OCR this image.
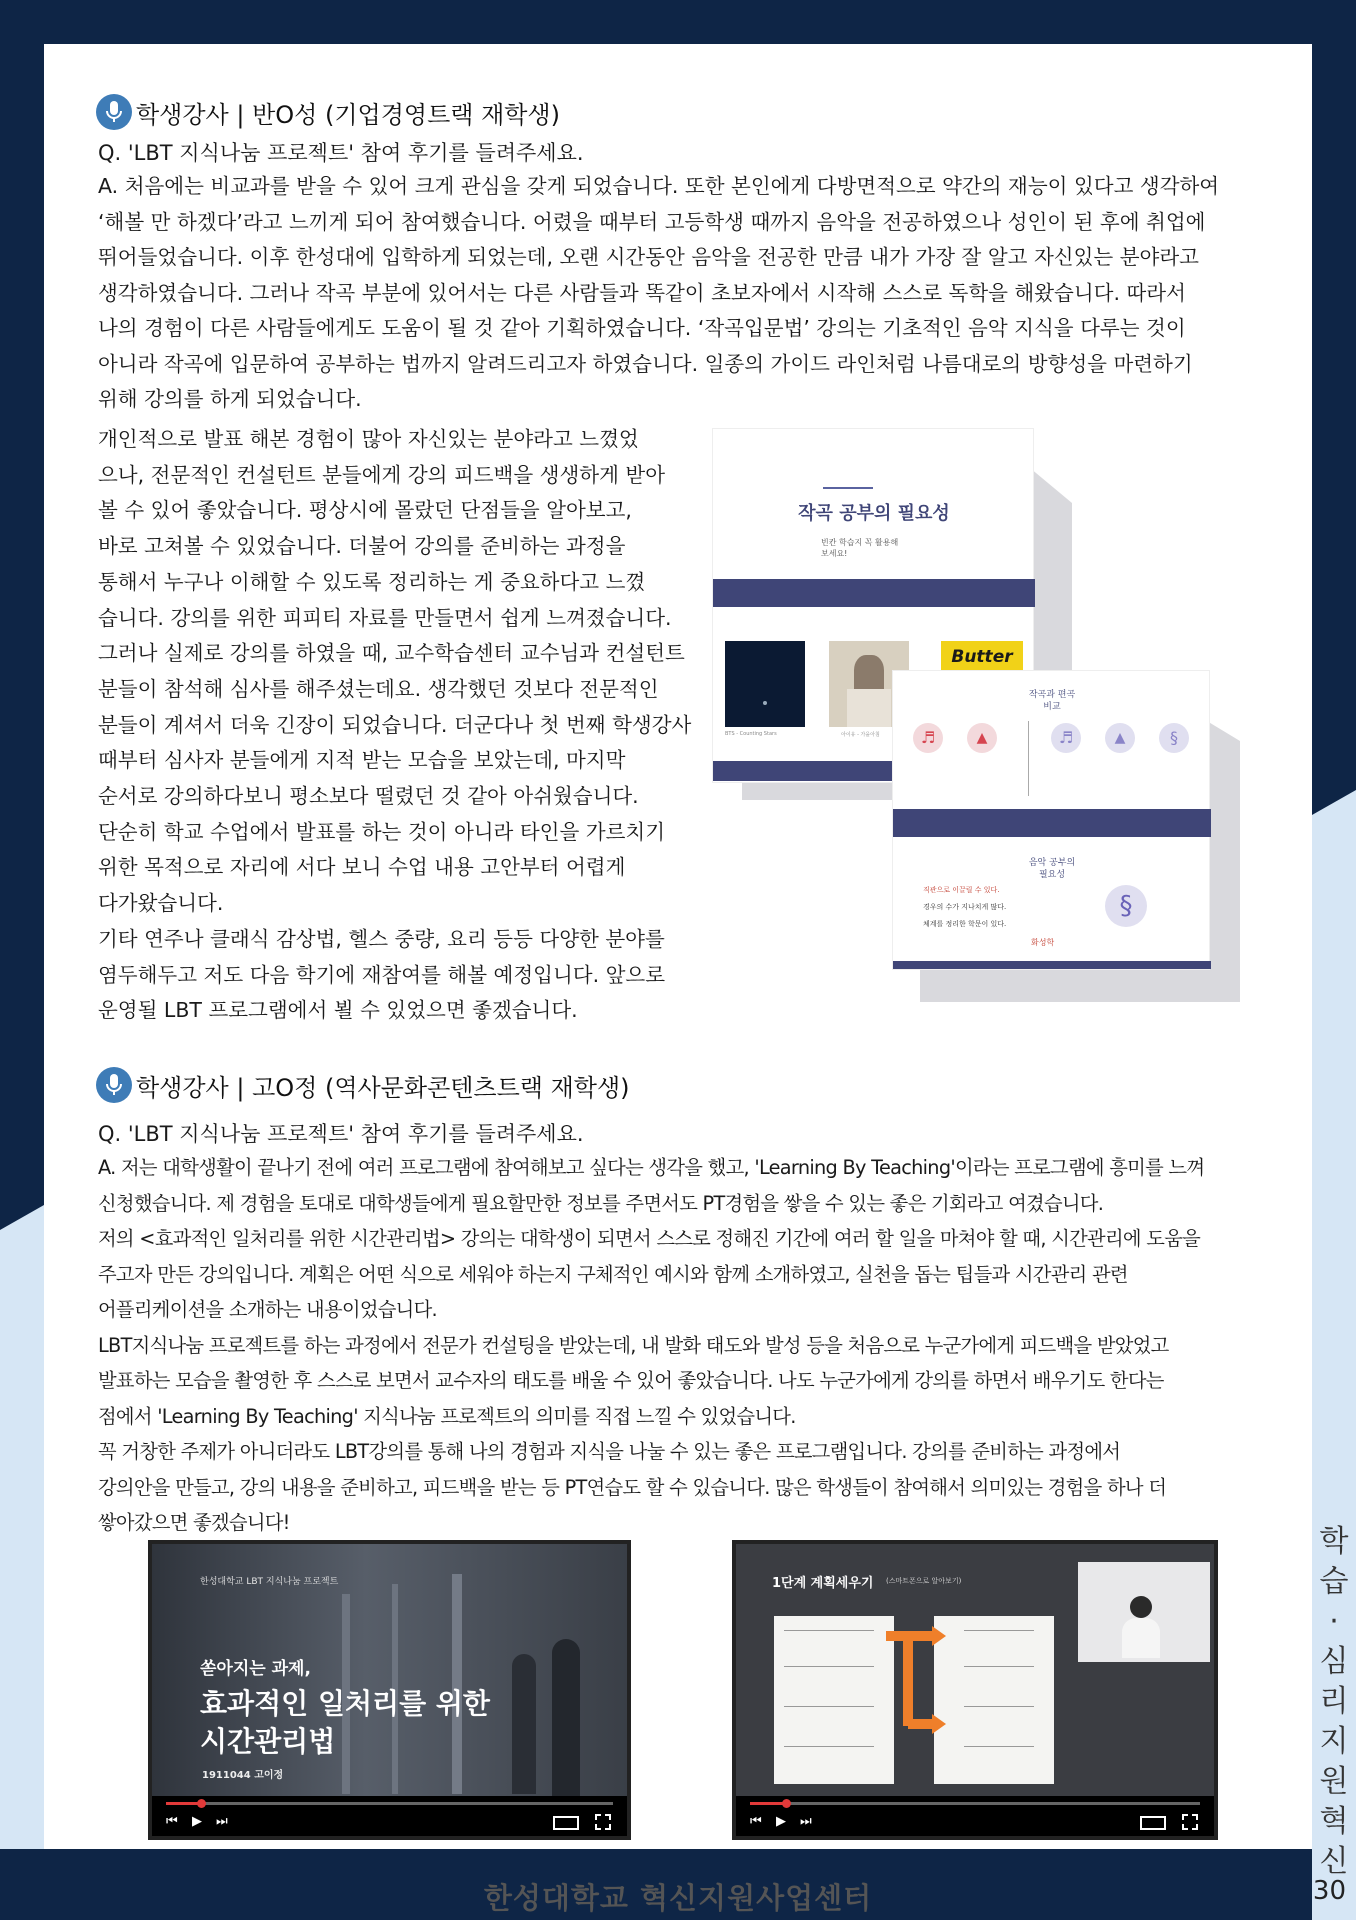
학생강사 | 반O성 (기업경영트랙 재학생)
Q. 'LBT 지식나눔 프로젝트' 참여 후기를 들려주세요.

A. 처음에는 비교과를 받을 수 있어 크게 관심을 갖게 되었습니다. 또한 본인에게 다방면적으로 약간의 재능이 있다고 생각하여

‘해볼 만 하겠다’라고 느끼게 되어 참여했습니다. 어렸을 때부터 고등학생 때까지 음악을 전공하였으나 성인이 된 후에 취업에

뛰어들었습니다. 이후 한성대에 입학하게 되었는데, 오랜 시간동안 음악을 전공한 만큼 내가 가장 잘 알고 자신있는 분야라고

생각하였습니다. 그러나 작곡 부분에 있어서는 다른 사람들과 똑같이 초보자에서 시작해 스스로 독학을 해왔습니다. 따라서

나의 경험이 다른 사람들에게도 도움이 될 것 같아 기획하였습니다. ‘작곡입문법’ 강의는 기초적인 음악 지식을 다루는 것이

아니라 작곡에 입문하여 공부하는 법까지 알려드리고자 하였습니다. 일종의 가이드 라인처럼 나름대로의 방향성을 마련하기

위해 강의를 하게 되었습니다.

개인적으로 발표 해본 경험이 많아 자신있는 분야라고 느꼈었

으나, 전문적인 컨설턴트 분들에게 강의 피드백을 생생하게 받아

볼 수 있어 좋았습니다. 평상시에 몰랐던 단점들을 알아보고,

바로 고쳐볼 수 있었습니다. 더불어 강의를 준비하는 과정을

통해서 누구나 이해할 수 있도록 정리하는 게 중요하다고 느꼈

습니다. 강의를 위한 피피티 자료를 만들면서 쉽게 느껴졌습니다.

그러나 실제로 강의를 하였을 때, 교수학습센터 교수님과 컨설턴트

분들이 참석해 심사를 해주셨는데요. 생각했던 것보다 전문적인

분들이 계셔서 더욱 긴장이 되었습니다. 더군다나 첫 번째 학생강사

때부터 심사자 분들에게 지적 받는 모습을 보았는데, 마지막

순서로 강의하다보니 평소보다 떨렸던 것 같아 아쉬웠습니다.

단순히 학교 수업에서 발표를 하는 것이 아니라 타인을 가르치기

위한 목적으로 자리에 서다 보니 수업 내용 고안부터 어렵게

다가왔습니다.

기타 연주나 클래식 감상법, 헬스 중량, 요리 등등 다양한 분야를

염두해두고 저도 다음 학기에 재참여를 해볼 예정입니다. 앞으로

운영될 LBT 프로그램에서 뵐 수 있었으면 좋겠습니다.

작곡 공부의 필요성
빈칸 학습지 꼭 활용해
보세요!
Butter
BTS - Counting Stars	아이유 - 가을아침
작곡과 편곡
비교
♬	▲	♬	▲	§
음악 공부의
필요성
직관으로 이끌릴 수 있다.
경우의 수가 지나치게 많다.
체계를 정리한 학문이 있다.
화성학
§
학생강사 | 고O정 (역사문화콘텐츠트랙 재학생)
Q. 'LBT 지식나눔 프로젝트' 참여 후기를 들려주세요.

A. 저는 대학생활이 끝나기 전에 여러 프로그램에 참여해보고 싶다는 생각을 했고, 'Learning By Teaching'이라는 프로그램에 흥미를 느껴

신청했습니다. 제 경험을 토대로 대학생들에게 필요할만한 정보를 주면서도 PT경험을 쌓을 수 있는 좋은 기회라고 여겼습니다.

저의 <효과적인 일처리를 위한 시간관리법> 강의는 대학생이 되면서 스스로 정해진 기간에 여러 할 일을 마쳐야 할 때, 시간관리에 도움을

주고자 만든 강의입니다. 계획은 어떤 식으로 세워야 하는지 구체적인 예시와 함께 소개하였고, 실천을 돕는 팁들과 시간관리 관련

어플리케이션을 소개하는 내용이었습니다.

LBT지식나눔 프로젝트를 하는 과정에서 전문가 컨설팅을 받았는데, 내 발화 태도와 발성 등을 처음으로 누군가에게 피드백을 받았었고

발표하는 모습을 촬영한 후 스스로 보면서 교수자의 태도를 배울 수 있어 좋았습니다. 나도 누군가에게 강의를 하면서 배우기도 한다는

점에서 'Learning By Teaching' 지식나눔 프로젝트의 의미를 직접 느낄 수 있었습니다.

꼭 거창한 주제가 아니더라도 LBT강의를 통해 나의 경험과 지식을 나눌 수 있는 좋은 프로그램입니다. 강의를 준비하는 과정에서

강의안을 만들고, 강의 내용을 준비하고, 피드백을 받는 등 PT연습도 할 수 있습니다. 많은 학생들이 참여해서 의미있는 경험을 하나 더

쌓아갔으면 좋겠습니다!

한성대학교 LBT 지식나눔 프로젝트
쏟아지는 과제,
효과적인 일처리를 위한
시간관리법
1911044 고이정
⏮ ▶ ⏭
1단계 계획세우기 (스마트폰으로 알아보기)
⏮ ▶ ⏭
학
습
·
심
리
지
원
혁
신
한성대학교 혁신지원사업센터	30
